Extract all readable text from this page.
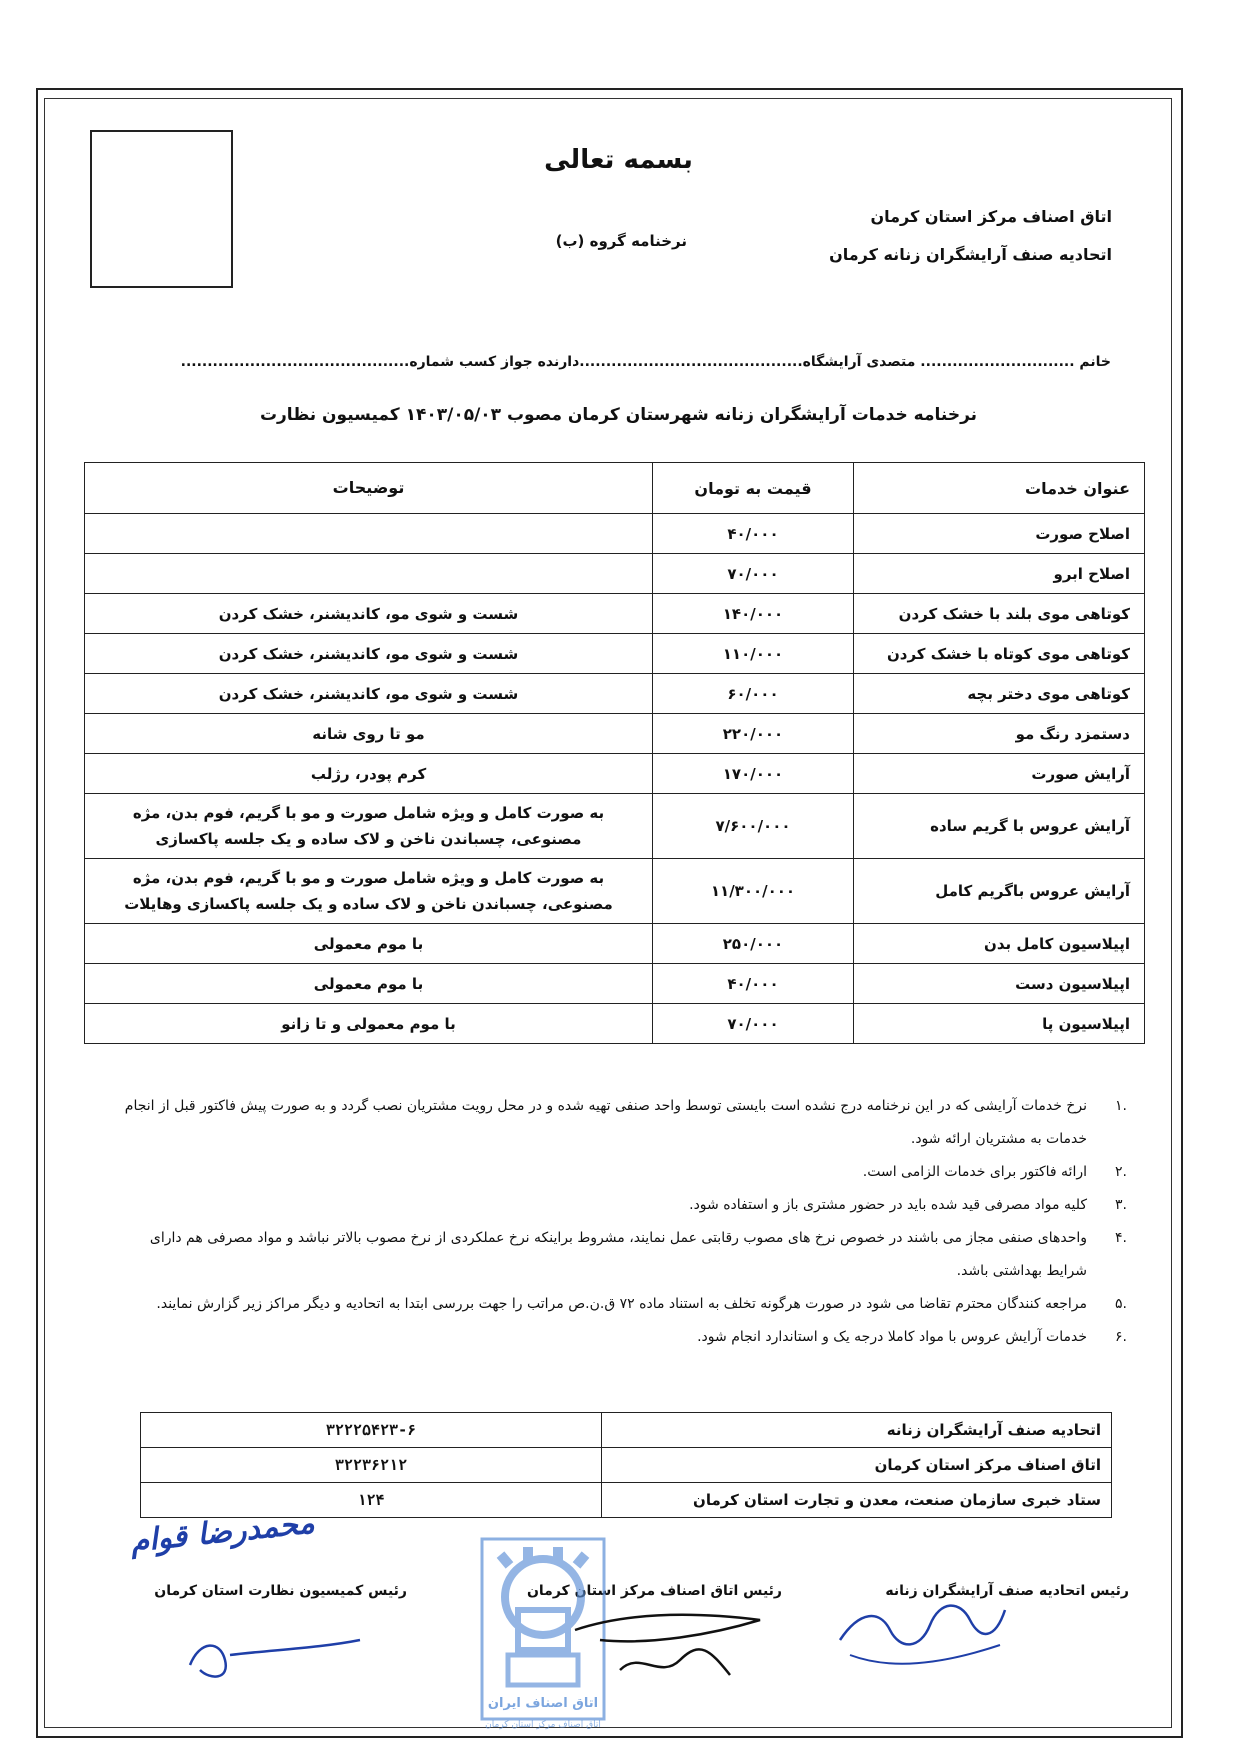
بسمه تعالی
اتاق اصناف مرکز استان کرمان
اتحادیه صنف آرایشگران زنانه کرمان
نرخنامه گروه (ب)
خانم ............................. متصدی آرایشگاه..........................................دارنده جواز کسب شماره...........................................
نرخنامه خدمات آرایشگران زنانه شهرستان کرمان مصوب ۱۴۰۳/۰۵/۰۳ کمیسیون نظارت
عنوان خدمات	قیمت به تومان	توضیحات
اصلاح صورت	۴۰/۰۰۰	
اصلاح ابرو	۷۰/۰۰۰	
کوتاهی موی بلند با خشک کردن	۱۴۰/۰۰۰	شست و شوی مو، کاندیشنر، خشک کردن
کوتاهی موی کوتاه با خشک کردن	۱۱۰/۰۰۰	شست و شوی مو، کاندیشنر، خشک کردن
کوتاهی موی دختر بچه	۶۰/۰۰۰	شست و شوی مو، کاندیشنر، خشک کردن
دستمزد رنگ مو	۲۲۰/۰۰۰	مو تا روی شانه
آرایش صورت	۱۷۰/۰۰۰	کرم پودر، رژلب
آرایش عروس با گریم ساده	۷/۶۰۰/۰۰۰	به صورت کامل و ویژه شامل صورت و مو با گریم، فوم بدن، مژه مصنوعی، چسباندن ناخن و لاک ساده و یک جلسه پاکسازی
آرایش عروس باگریم کامل	۱۱/۳۰۰/۰۰۰	به صورت کامل و ویژه شامل صورت و مو با گریم، فوم بدن، مژه مصنوعی، چسباندن ناخن و لاک ساده و یک جلسه پاکسازی وهایلات
اپیلاسیون کامل بدن	۲۵۰/۰۰۰	با موم معمولی
اپیلاسیون دست	۴۰/۰۰۰	با موم معمولی
اپیلاسیون پا	۷۰/۰۰۰	با موم معمولی و تا زانو
.۱
نرخ خدمات آرایشی که در این نرخنامه درج نشده است بایستی توسط واحد صنفی تهیه شده و در محل رویت مشتریان نصب گردد و به صورت پیش فاکتور قبل از انجام خدمات به مشتریان ارائه شود.
.۲
ارائه فاکتور برای خدمات الزامی است.
.۳
کلیه مواد مصرفی قید شده باید در حضور مشتری باز و استفاده شود.
.۴
واحدهای صنفی مجاز می باشند در خصوص نرخ های مصوب رقابتی عمل نمایند، مشروط براینکه نرخ عملکردی از نرخ مصوب بالاتر نباشد و مواد مصرفی هم دارای شرایط بهداشتی باشد.
.۵
مراجعه کنندگان محترم تقاضا می شود در صورت هرگونه تخلف به استناد ماده ۷۲ ق.ن.ص مراتب را جهت بررسی ابتدا به اتحادیه و دیگر مراکز زیر گزارش نمایند.
.۶
خدمات آرایش عروس با مواد کاملا درجه یک و استاندارد انجام شود.
اتحادیه صنف آرایشگران زنانه	۳۲۲۲۵۴۲۳-۶
اتاق اصناف مرکز استان کرمان	۳۲۲۳۶۲۱۲
ستاد خبری سازمان صنعت، معدن و تجارت استان کرمان	۱۲۴
رئیس اتحادیه صنف آرایشگران زنانه
رئیس اتاق اصناف مرکز استان کرمان
رئیس کمیسیون نظارت استان کرمان
محمدرضا قوام
اتاق اصناف ایران
اتاق اصناف مرکز استان کرمان
